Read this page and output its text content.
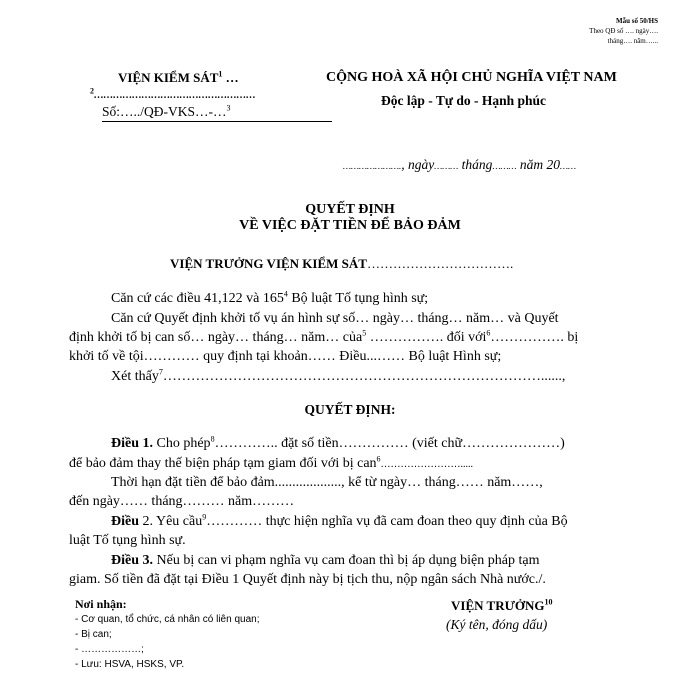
Mẫu số 50/HS
Theo QĐ số …. ngày….
tháng…. năm…...
VIỆN KIỂM SÁT$^1$ …
$^2$……………………………………………
Số:…../QĐ-VKS…-…$^3$
CỘNG HOÀ XÃ HỘI CHỦ NGHĨA VIỆT NAM
Độc lập - Tự do - Hạnh phúc
…………………., ngày……… tháng……… năm 20……
QUYẾT ĐỊNH
VỀ VIỆC ĐẶT TIỀN ĐỂ BẢO ĐẢM
VIỆN TRƯỞNG VIỆN KIỂM SÁT…………………………….
Căn cứ các điều 41,122 và $165^4$ Bộ luật Tố tụng hình sự;
Căn cứ Quyết định khởi tố vụ án hình sự số… ngày… tháng… năm… và Quyết
định khởi tố bị can số… ngày… tháng… năm… của$^5$ ……………. đối với$^6$……………. bị
khởi tố về tội………… quy định tại khoản…… Điều...…… Bộ luật Hình sự;
Xét thấy$^7$………………………………………………………………………......,
QUYẾT ĐỊNH:
Điều 1. Cho phép$^8$………….. đặt số tiền…………… (viết chữ…………………)
để bảo đảm thay thế biện pháp tạm giam đối với bị can$^6$…………………….....
Thời hạn đặt tiền để bảo đảm..................., kể từ ngày… tháng…… năm……,
đến ngày…… tháng……… năm………
Điều 2. Yêu cầu$^9$………… thực hiện nghĩa vụ đã cam đoan theo quy định của Bộ
luật Tố tụng hình sự.
Điều 3. Nếu bị can vi phạm nghĩa vụ cam đoan thì bị áp dụng biện pháp tạm
giam. Số tiền đã đặt tại Điều 1 Quyết định này bị tịch thu, nộp ngân sách Nhà nước./.
Nơi nhận:
- Cơ quan, tổ chức, cá nhân có liên quan;
- Bị can;
- ………………;
- Lưu: HSVA, HSKS, VP.
VIỆN TRƯỞNG$^{10}$
(Ký tên, đóng dấu)
